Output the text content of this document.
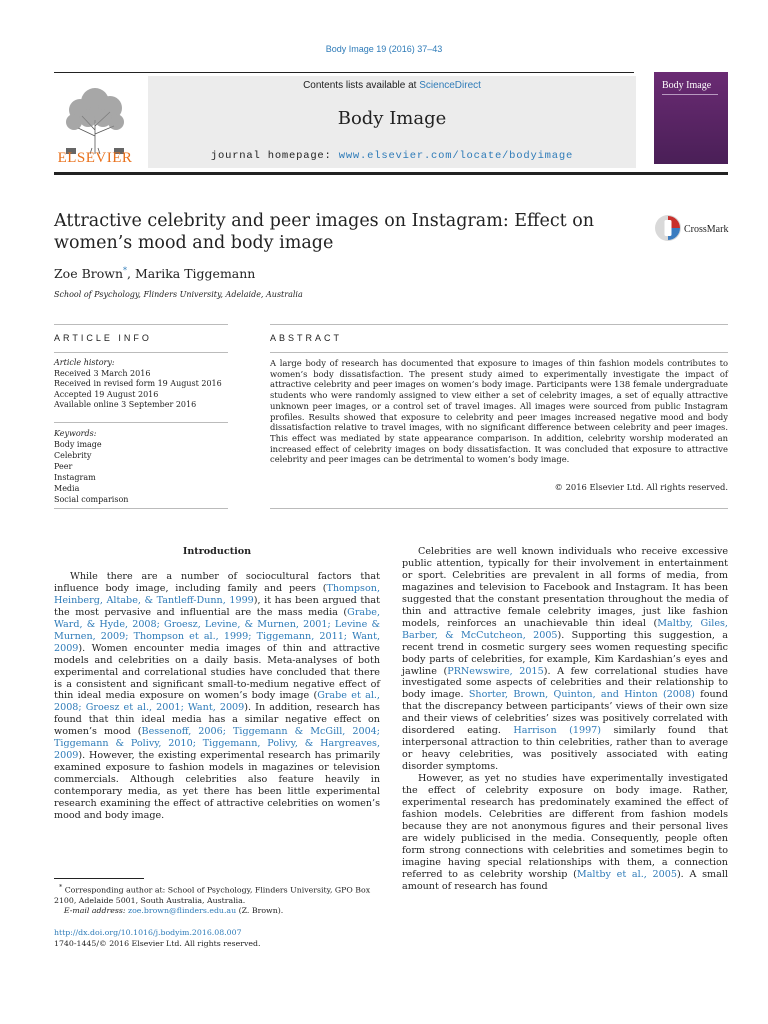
Body Image 19 (2016) 37–43
ELSEVIER
Contents lists available at ScienceDirect
Body Image
journal homepage: www.elsevier.com/locate/bodyimage
Body Image
Attractive celebrity and peer images on Instagram: Effect on women’s mood and body image
CrossMark
Zoe Brown*, Marika Tiggemann
School of Psychology, Flinders University, Adelaide, Australia
ARTICLE INFO	ABSTRACT
Article history:
Received 3 March 2016
Received in revised form 19 August 2016
Accepted 19 August 2016
Available online 3 September 2016
Keywords:
Body image
Celebrity
Peer
Instagram
Media
Social comparison
A large body of research has documented that exposure to images of thin fashion models contributes to women’s body dissatisfaction. The present study aimed to experimentally investigate the impact of attractive celebrity and peer images on women’s body image. Participants were 138 female undergraduate students who were randomly assigned to view either a set of celebrity images, a set of equally attractive unknown peer images, or a control set of travel images. All images were sourced from public Instagram profiles. Results showed that exposure to celebrity and peer images increased negative mood and body dissatisfaction relative to travel images, with no significant difference between celebrity and peer images. This effect was mediated by state appearance comparison. In addition, celebrity worship moderated an increased effect of celebrity images on body dissatisfaction. It was concluded that exposure to attractive celebrity and peer images can be detrimental to women’s body image.
© 2016 Elsevier Ltd. All rights reserved.
Introduction

While there are a number of sociocultural factors that influence body image, including family and peers (Thompson, Heinberg, Altabe, & Tantleff-Dunn, 1999), it has been argued that the most pervasive and influential are the mass media (Grabe, Ward, & Hyde, 2008; Groesz, Levine, & Murnen, 2001; Levine & Murnen, 2009; Thompson et al., 1999; Tiggemann, 2011; Want, 2009). Women encounter media images of thin and attractive models and celebrities on a daily basis. Meta-analyses of both experimental and correlational studies have concluded that there is a consistent and significant small-to-medium negative effect of thin ideal media exposure on women’s body image (Grabe et al., 2008; Groesz et al., 2001; Want, 2009). In addition, research has found that thin ideal media has a similar negative effect on women’s mood (Bessenoff, 2006; Tiggemann & McGill, 2004; Tiggemann & Polivy, 2010; Tiggemann, Polivy, & Hargreaves, 2009). However, the existing experimental research has primarily examined exposure to fashion models in magazines or television commercials. Although celebrities also feature heavily in contemporary media, as yet there has been little experimental research examining the effect of attractive celebrities on women’s mood and body image.

Celebrities are well known individuals who receive excessive public attention, typically for their involvement in entertainment or sport. Celebrities are prevalent in all forms of media, from magazines and television to Facebook and Instagram. It has been suggested that the constant presentation throughout the media of thin and attractive female celebrity images, just like fashion models, reinforces an unachievable thin ideal (Maltby, Giles, Barber, & McCutcheon, 2005). Supporting this suggestion, a recent trend in cosmetic surgery sees women requesting specific body parts of celebrities, for example, Kim Kardashian’s eyes and jawline (PRNewswire, 2015). A few correlational studies have investigated some aspects of celebrities and their relationship to body image. Shorter, Brown, Quinton, and Hinton (2008) found that the discrepancy between participants’ views of their own size and their views of celebrities’ sizes was positively correlated with disordered eating. Harrison (1997) similarly found that interpersonal attraction to thin celebrities, rather than to average or heavy celebrities, was positively associated with eating disorder symptoms.

However, as yet no studies have experimentally investigated the effect of celebrity exposure on body image. Rather, experimental research has predominately examined the effect of fashion models. Celebrities are different from fashion models because they are not anonymous figures and their personal lives are widely publicised in the media. Consequently, people often form strong connections with celebrities and sometimes begin to imagine having special relationships with them, a connection referred to as celebrity worship (Maltby et al., 2005). A small amount of research has found

* Corresponding author at: School of Psychology, Flinders University, GPO Box 2100, Adelaide 5001, South Australia, Australia.
E-mail address: zoe.brown@flinders.edu.au (Z. Brown).
http://dx.doi.org/10.1016/j.bodyim.2016.08.007
1740-1445/© 2016 Elsevier Ltd. All rights reserved.
